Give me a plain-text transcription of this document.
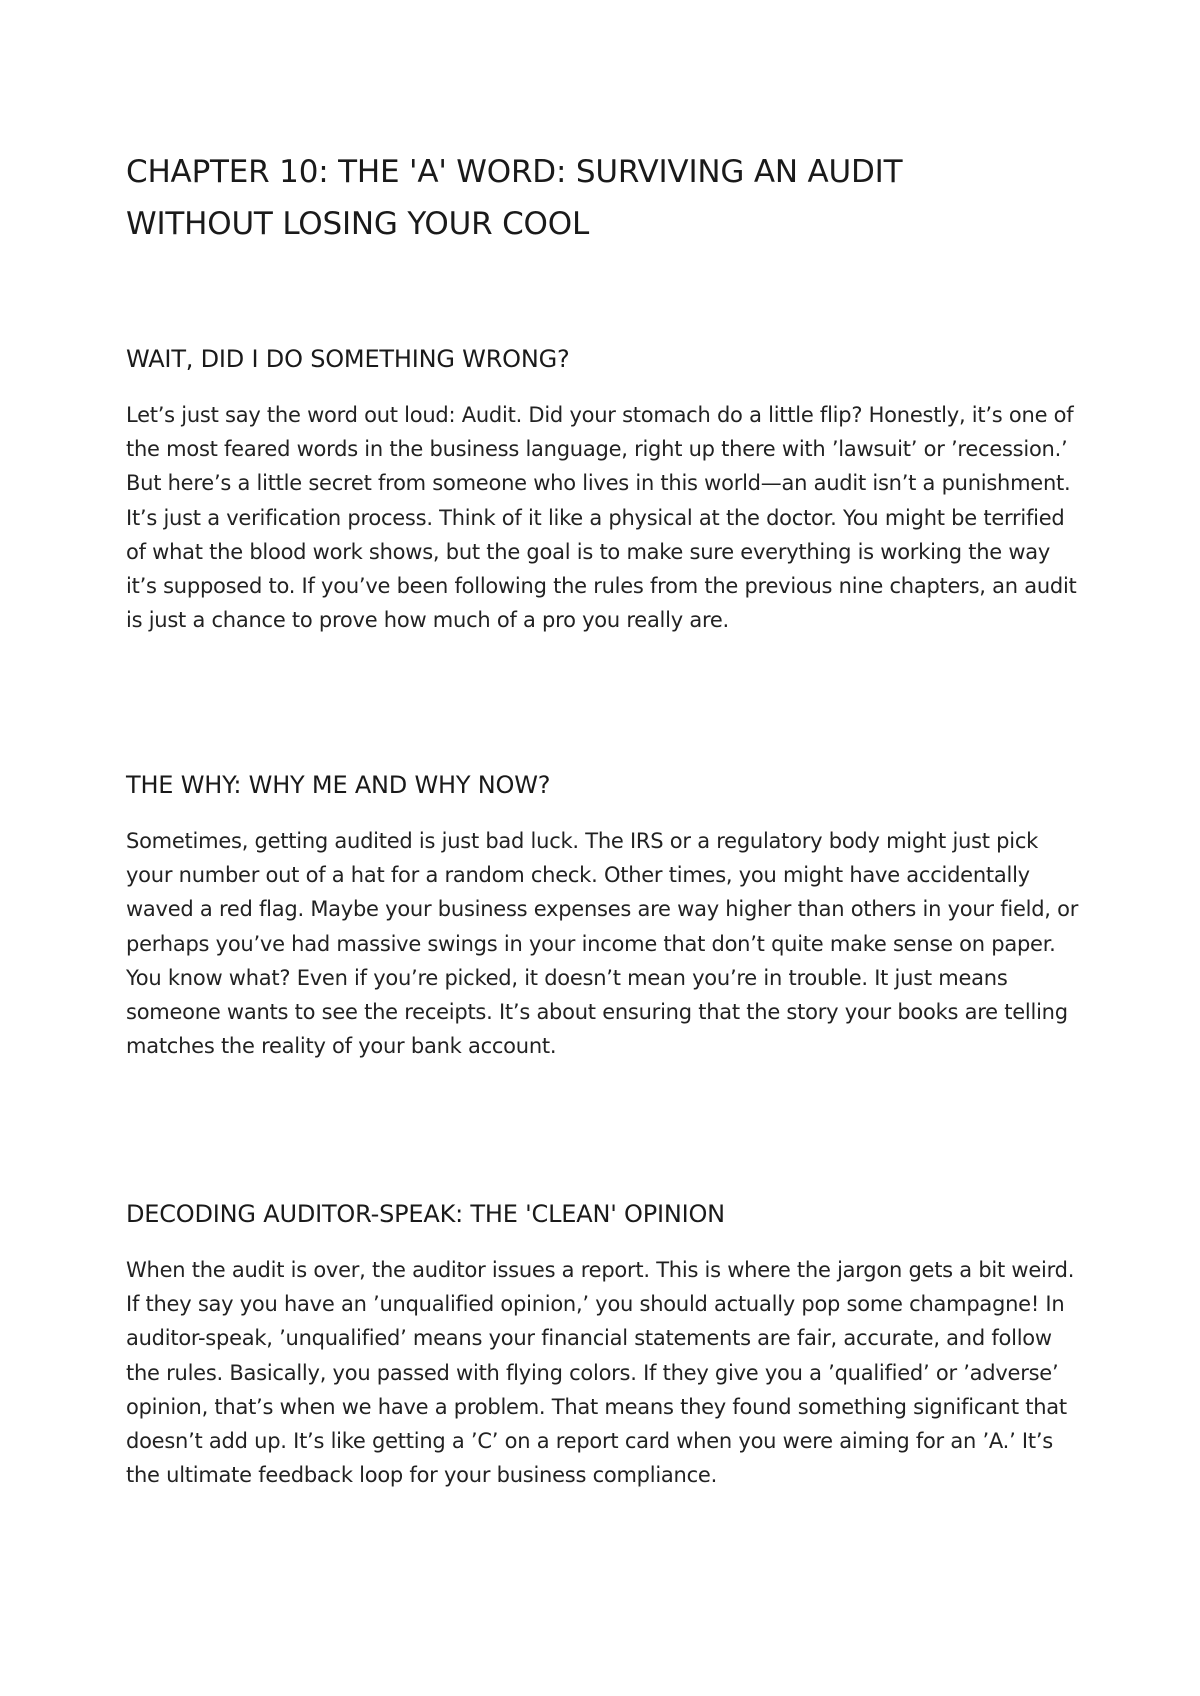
CHAPTER 10: THE 'A' WORD: SURVIVING AN AUDIT WITHOUT LOSING YOUR COOL
WAIT, DID I DO SOMETHING WRONG?

Let’s just say the word out loud: Audit. Did your stomach do a little flip? Honestly, it’s one of the most feared words in the business language, right up there with ’lawsuit’ or ’recession.’ But here’s a little secret from someone who lives in this world—an audit isn’t a punishment. It’s just a verification process. Think of it like a physical at the doctor. You might be terrified of what the blood work shows, but the goal is to make sure everything is working the way it’s supposed to. If you’ve been following the rules from the previous nine chapters, an audit is just a chance to prove how much of a pro you really are.

THE WHY: WHY ME AND WHY NOW?

Sometimes, getting audited is just bad luck. The IRS or a regulatory body might just pick your number out of a hat for a random check. Other times, you might have accidentally waved a red flag. Maybe your business expenses are way higher than others in your field, or perhaps you’ve had massive swings in your income that don’t quite make sense on paper. You know what? Even if you’re picked, it doesn’t mean you’re in trouble. It just means someone wants to see the receipts. It’s about ensuring that the story your books are telling matches the reality of your bank account.

DECODING AUDITOR-SPEAK: THE 'CLEAN' OPINION

When the audit is over, the auditor issues a report. This is where the jargon gets a bit weird. If they say you have an ’unqualified opinion,’ you should actually pop some champagne! In auditor-speak, ’unqualified’ means your financial statements are fair, accurate, and follow the rules. Basically, you passed with flying colors. If they give you a ’qualified’ or ’adverse’ opinion, that’s when we have a problem. That means they found something significant that doesn’t add up. It’s like getting a ’C’ on a report card when you were aiming for an ’A.’ It’s the ultimate feedback loop for your business compliance.
